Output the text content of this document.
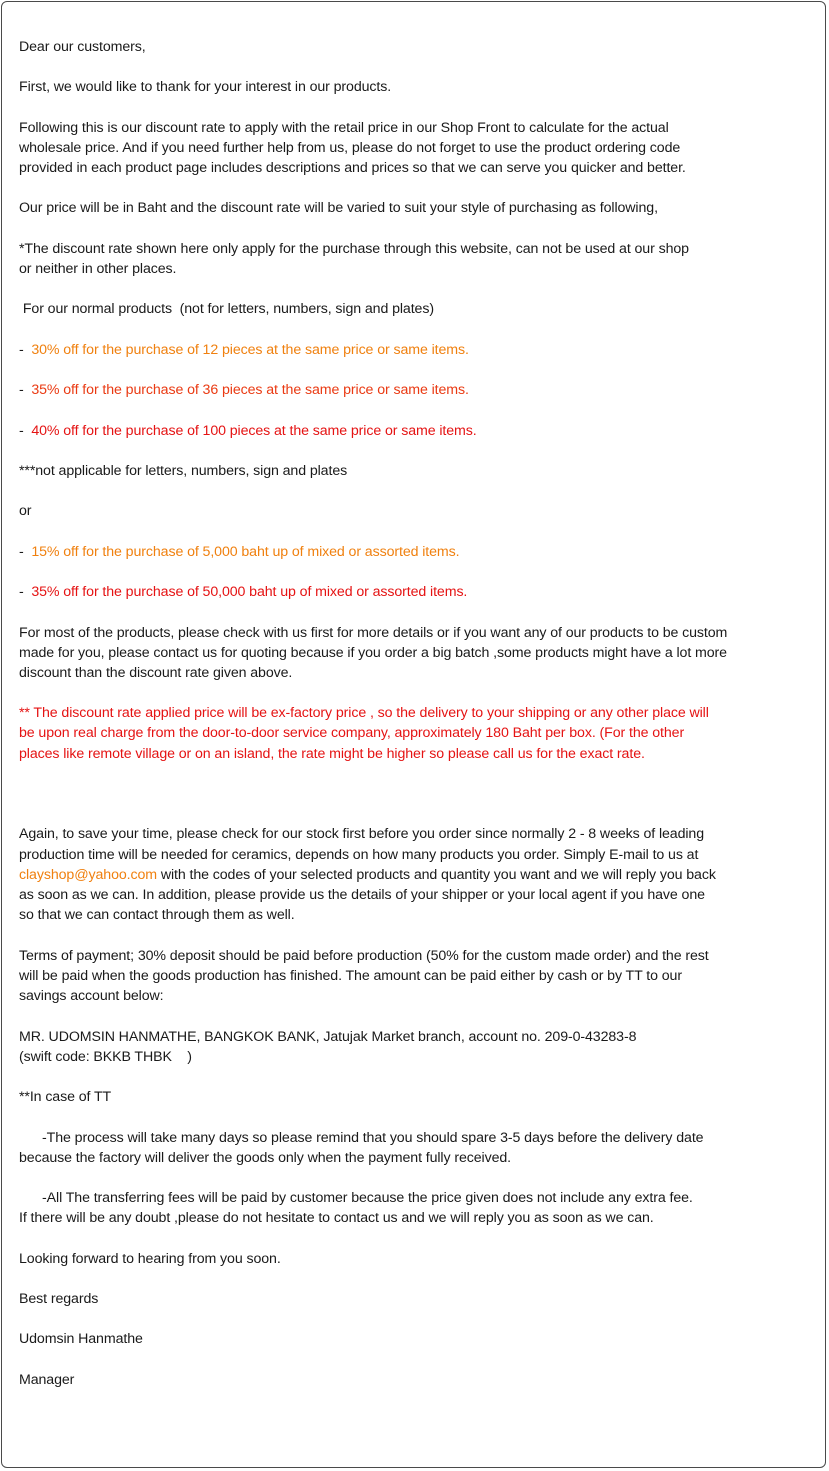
Dear our customers,

First, we would like to thank for your interest in our products.

Following this is our discount rate to apply with the retail price in our Shop Front to calculate for the actual

wholesale price. And if you need further help from us, please do not forget to use the product ordering code

provided in each product page includes descriptions and prices so that we can serve you quicker and better.

Our price will be in Baht and the discount rate will be varied to suit your style of purchasing as following,

*The discount rate shown here only apply for the purchase through this website, can not be used at our shop

or neither in other places.

For our normal products  (not for letters, numbers, sign and plates)

- 30% off for the purchase of 12 pieces at the same price or same items.

- 35% off for the purchase of 36 pieces at the same price or same items.

- 40% off for the purchase of 100 pieces at the same price or same items.

***not applicable for letters, numbers, sign and plates

or

- 15% off for the purchase of 5,000 baht up of mixed or assorted items.

- 35% off for the purchase of 50,000 baht up of mixed or assorted items.

For most of the products, please check with us first for more details or if you want any of our products to be custom

made for you, please contact us for quoting because if you order a big batch ,some products might have a lot more

discount than the discount rate given above.

** The discount rate applied price will be ex-factory price , so the delivery to your shipping or any other place will

be upon real charge from the door-to-door service company, approximately 180 Baht per box. (For the other

places like remote village or on an island, the rate might be higher so please call us for the exact rate.

Again, to save your time, please check for our stock first before you order since normally 2 - 8 weeks of leading

production time will be needed for ceramics, depends on how many products you order. Simply E-mail to us at

clayshop@yahoo.com with the codes of your selected products and quantity you want and we will reply you back

as soon as we can. In addition, please provide us the details of your shipper or your local agent if you have one

so that we can contact through them as well.

Terms of payment; 30% deposit should be paid before production (50% for the custom made order) and the rest

will be paid when the goods production has finished. The amount can be paid either by cash or by TT to our

savings account below:

MR. UDOMSIN HANMATHE, BANGKOK BANK, Jatujak Market branch, account no. 209-0-43283-8

(swift code: BKKB THBK    )

**In case of TT

-The process will take many days so please remind that you should spare 3-5 days before the delivery date

because the factory will deliver the goods only when the payment fully received.

-All The transferring fees will be paid by customer because the price given does not include any extra fee.

If there will be any doubt ,please do not hesitate to contact us and we will reply you as soon as we can.

Looking forward to hearing from you soon.

Best regards

Udomsin Hanmathe

Manager
